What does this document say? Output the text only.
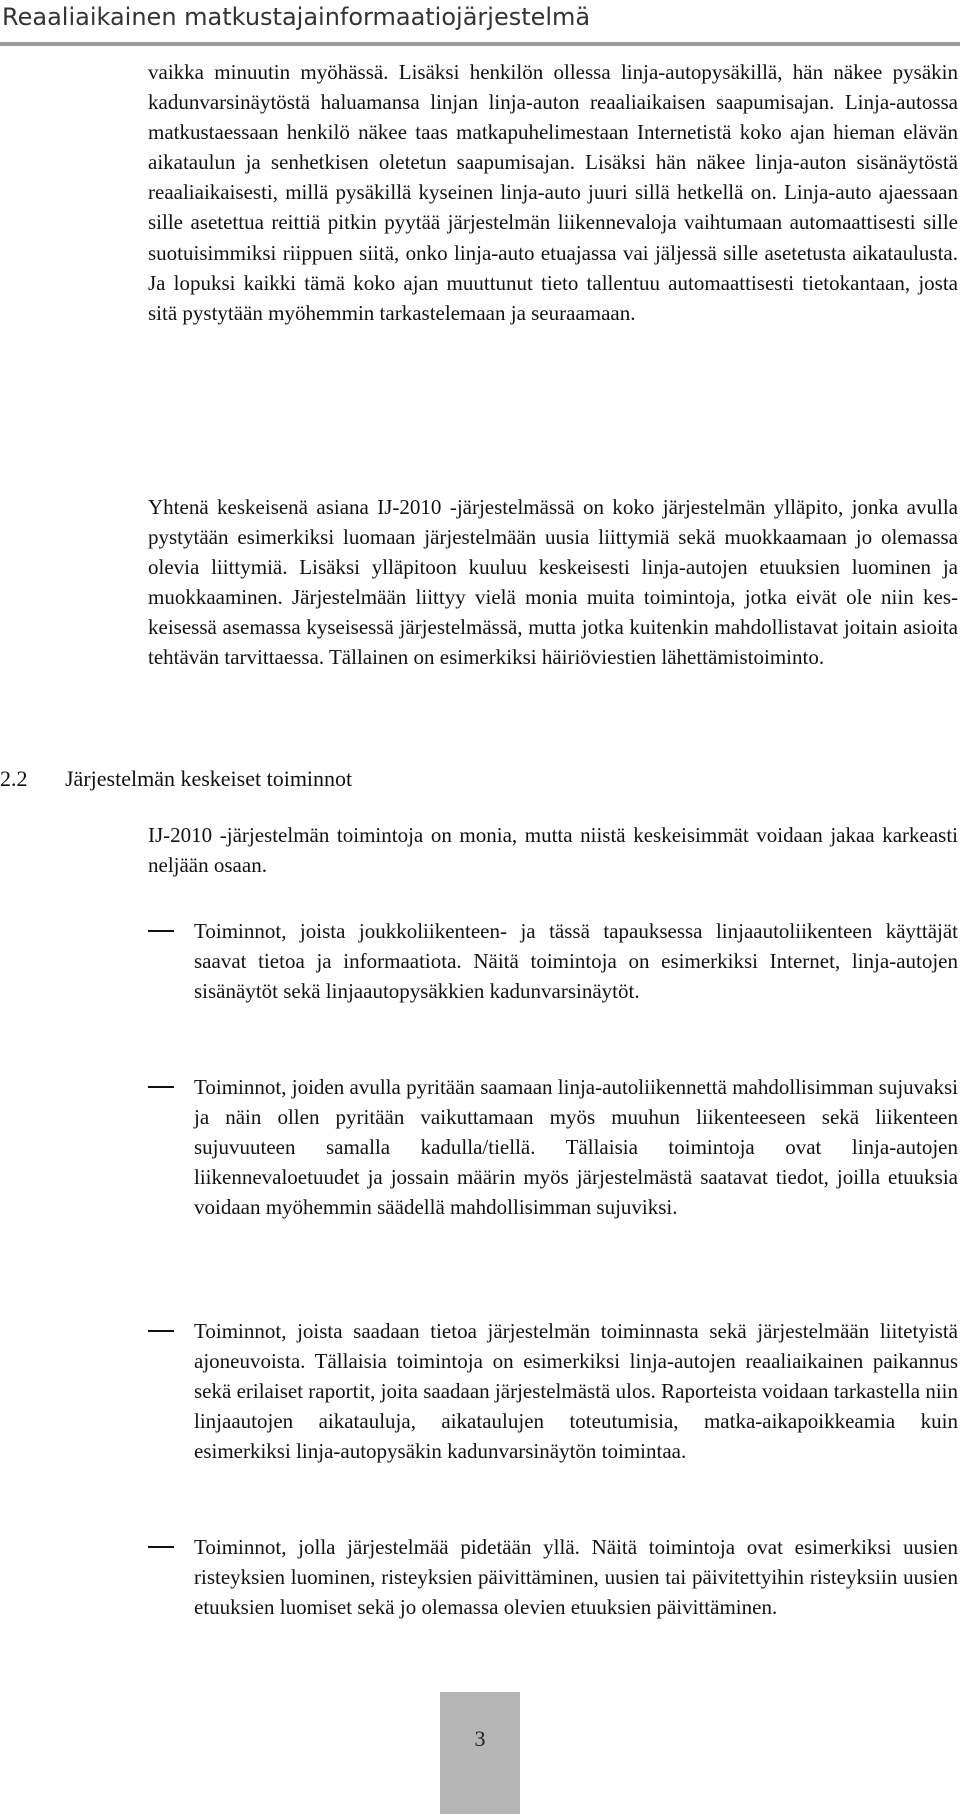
Reaaliaikainen matkustajainformaatiojärjestelmä

vaikka minuutin myöhässä. Lisäksi henkilön ollessa linja-autopysäkillä, hän näkee pysäkin kadunvarsinäytöstä haluamansa linjan linja-auton reaaliaikaisen saapumisajan. Linja-autossa matkustaessaan henkilö näkee taas matkapuhelimestaan Internetistä koko ajan hieman elävän aikataulun ja senhetkisen oletetun saapumisajan. Lisäksi hän näkee linja-auton sisänäytöstä reaaliaikaisesti, millä pysäkillä kyseinen linja-auto juuri sillä hetkellä on. Linja-auto ajaessaan sille asetettua reittiä pitkin pyytää järjestelmän liikennevaloja vaihtumaan automaattisesti sille suotuisimmiksi riippuen siitä, onko linja-auto etuajassa vai jäljessä sille asetetusta aikataulusta. Ja lopuksi kaikki tämä koko ajan muuttunut tieto tallentuu automaattisesti tietokantaan, josta sitä pystytään myöhemmin tarkastelemaan ja seuraamaan.

Yhtenä keskeisenä asiana IJ-2010 -järjestelmässä on koko järjestelmän ylläpito, jonka avulla pystytään esimerkiksi luomaan järjestelmään uusia liittymiä sekä muokkaamaan jo olemassa olevia liittymiä. Lisäksi ylläpitoon kuuluu keskeisesti linja-autojen etuuksien luominen ja muokkaaminen. Järjestelmään liittyy vielä monia muita toimintoja, jotka eivät ole niin keskeisessä asemassa kyseisessä järjestelmässä, mutta jotka kuitenkin mahdollistavat joitain asioita tehtävän tarvittaessa. Tällainen on esimerkiksi häiriöviestien lähettämistoiminto.

2.2 Järjestelmän keskeiset toiminnot

IJ-2010 -järjestelmän toimintoja on monia, mutta niistä keskeisimmät voidaan jakaa karkeasti neljään osaan.

Toiminnot, joista joukkoliikenteen- ja tässä tapauksessa linjaautoliikenteen käyttäjät saavat tietoa ja informaatiota. Näitä toimintoja on esimerkiksi Internet, linja-autojen sisänäytöt sekä linjaautopysäkkien kadunvarsinäytöt.
Toiminnot, joiden avulla pyritään saamaan linja-autoliikennettä mahdollisimman sujuvaksi ja näin ollen pyritään vaikuttamaan myös muuhun liikenteeseen sekä liikenteen sujuvuuteen samalla kadulla/tiellä. Tällaisia toimintoja ovat linja-autojen liikennevaloetuudet ja jossain määrin myös järjestelmästä saatavat tiedot, joilla etuuksia voidaan myöhemmin säädellä mahdollisimman sujuviksi.
Toiminnot, joista saadaan tietoa järjestelmän toiminnasta sekä järjestelmään liitetyistä ajoneuvoista. Tällaisia toimintoja on esimerkiksi linja-autojen reaaliaikainen paikannus sekä erilaiset raportit, joita saadaan järjestelmästä ulos. Raporteista voidaan tarkastella niin linjaautojen aikatauluja, aikataulujen toteutumisia, matka-aikapoikkeamia kuin esimerkiksi linja-autopysäkin kadunvarsinäytön toimintaa.
Toiminnot, jolla järjestelmää pidetään yllä. Näitä toimintoja ovat esimerkiksi uusien risteyksien luominen, risteyksien päivittäminen, uusien tai päivitettyihin risteyksiin uusien etuuksien luomiset sekä jo olemassa olevien etuuksien päivittäminen.
3
